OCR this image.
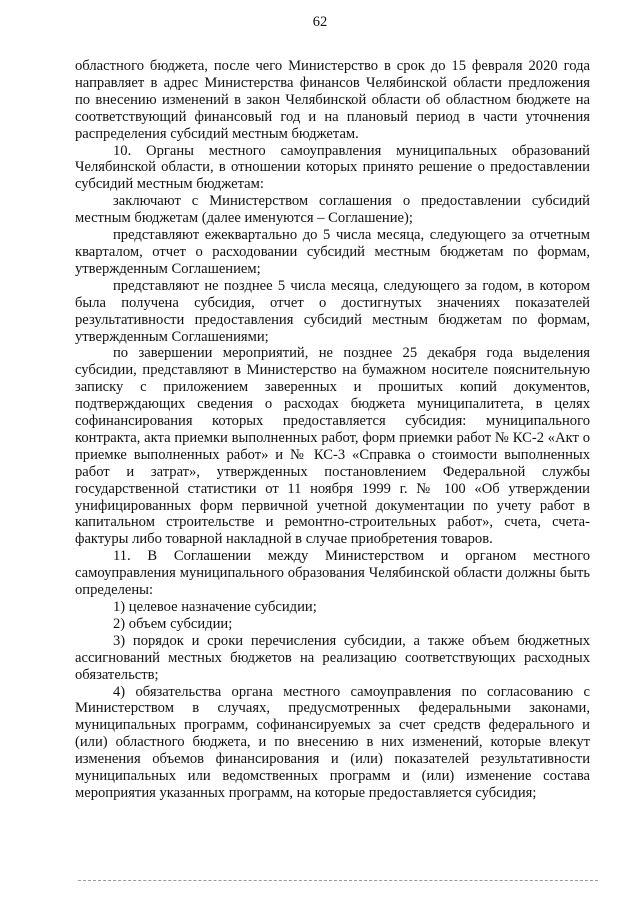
62

областного бюджета, после чего Министерство в срок до 15 февраля 2020 года направляет в адрес Министерства финансов Челябинской области предложения по внесению изменений в закон Челябинской области об областном бюджете на соответствующий финансовый год и на плановый период в части уточнения распределения субсидий местным бюджетам.

10. Органы местного самоуправления муниципальных образований Челябинской области, в отношении которых принято решение о предоставлении субсидий местным бюджетам:

заключают с Министерством соглашения о предоставлении субсидий местным бюджетам (далее именуются – Соглашение);

представляют ежеквартально до 5 числа месяца, следующего за отчетным кварталом, отчет о расходовании субсидий местным бюджетам по формам, утвержденным Соглашением;

представляют не позднее 5 числа месяца, следующего за годом, в котором была получена субсидия, отчет о достигнутых значениях показателей результативности предоставления субсидий местным бюджетам по формам, утвержденным Соглашениями;

по завершении мероприятий, не позднее 25 декабря года выделения субсидии, представляют в Министерство на бумажном носителе пояснительную записку с приложением заверенных и прошитых копий документов, подтверждающих сведения о расходах бюджета муниципалитета, в целях софинансирования которых предоставляется субсидия: муниципального контракта, акта приемки выполненных работ, форм приемки работ № КС-2 «Акт о приемке выполненных работ» и № КС-3 «Справка о стоимости выполненных работ и затрат», утвержденных постановлением Федеральной службы государственной статистики от 11 ноября 1999 г. № 100 «Об утверждении унифицированных форм первичной учетной документации по учету работ в капитальном строительстве и ремонтно-строительных работ», счета, счета-фактуры либо товарной накладной в случае приобретения товаров.

11. В Соглашении между Министерством и органом местного самоуправления муниципального образования Челябинской области должны быть определены:

1) целевое назначение субсидии;

2) объем субсидии;

3) порядок и сроки перечисления субсидии, а также объем бюджетных ассигнований местных бюджетов на реализацию соответствующих расходных обязательств;

4) обязательства органа местного самоуправления по согласованию с Министерством в случаях, предусмотренных федеральными законами, муниципальных программ, софинансируемых за счет средств федерального и (или) областного бюджета, и по внесению в них изменений, которые влекут изменения объемов финансирования и (или) показателей результативности муниципальных или ведомственных программ и (или) изменение состава мероприятия указанных программ, на которые предоставляется субсидия;
